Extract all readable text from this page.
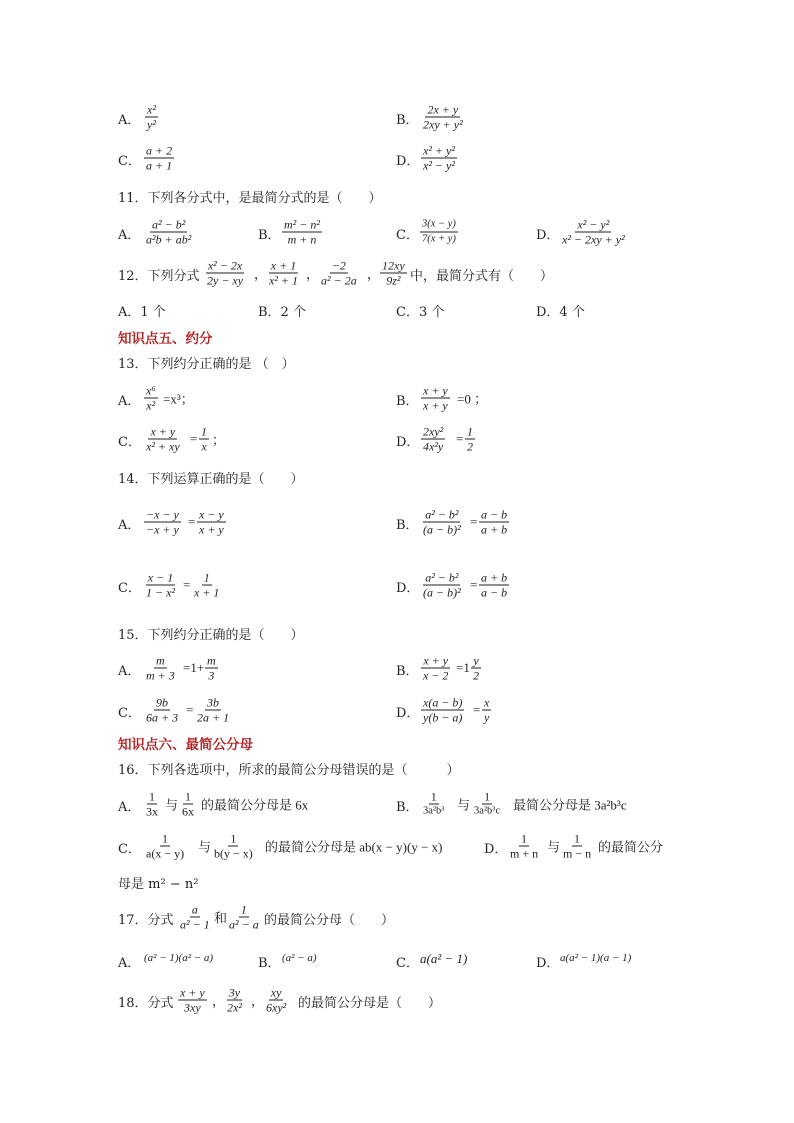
A． $\frac{\text{x²}}{\text{y²}}$	B． $\frac{2x + y}{\text{2xy + y²}}$
C． $\frac{a + 2}{a + 1}$	D． $\frac{\text{x² + y²}}{\text{x² − y²}}$
11．下列各分式中，是最简分式的是（　　）
A． $\frac{\text{a² − b²}}{\text{a²b + ab²}}$	B． $\frac{\text{m² − n²}}{m + n}$	C． $\frac{3(x - y)}{7(x + y)}$	D． $\frac{\text{x² − y²}}{\text{x² − 2xy + y²}}$
12．下列分式 $\frac{\text{x² − 2x}}{2y - xy}$ ， $\frac{x + 1}{\text{x² + 1}}$ ， $\frac{-2}{\text{a² − 2a}}$ ， $\frac{12xy}{\text{9z²}}$ 中，最简分式有（　　）
A．1 个	B．2 个	C．3 个	D．4 个
知识点五、约分
13．下列约分正确的是 （　）
A． $\frac{\text{x⁶}}{\text{x²}} =x^3$；	B． $\frac{x + y}{x + y} =0$ ；
C． $\frac{x + y}{\text{x² + xy}} = \frac{1}{x}$ ；	D． $\frac{\text{2xy²}}{\text{4x²y}} = \frac{1}{2}$
14．下列运算正确的是（　　）
A． $\frac{-x - y}{-x + y} = \frac{x - y}{x + y}$	B． $\frac{\text{a² − b²}}{\text{(a − b)²}} = \frac{a - b}{a + b}$
C． $\frac{x - 1}{\text{1 − x²}} = \frac{1}{x + 1}$	D． $\frac{\text{a² − b²}}{\text{(a − b)²}} = \frac{a + b}{a - b}$
15．下列约分正确的是（　　）
A． $\frac{m}{m + 3} =1+ \frac{m}{3}$	B． $\frac{x + y}{x - 2} =1 \frac{y}{2}$
C． $\frac{9b}{6a + 3} = \frac{3b}{2a + 1}$	D． $\frac{x(a - b)}{y(b - a)} = \frac{x}{y}$
知识点六、最简公分母
16．下列各选项中，所求的最简公分母错误的是（　　　）
A． $\frac{1}{3x}$ 与 $\frac{1}{6x}$ 的最简公分母是 6x	B． $\frac{1}{\text{3a²b³}}$ 与 $\frac{1}{\text{3a²b³c}}$ 最简公分母是 3a²b³c
C． $\frac{1}{a(x - y)}$ 与 $\frac{1}{b(y - x)}$ 的最简公分母是 ab(x − y)(y − x)	D． $\frac{1}{m + n}$ 与 $\frac{1}{m - n}$ 的最简公分
母是 m² − n²
17．分式 $\frac{a}{\text{a² − 1}}$ 和 $\frac{1}{\text{a² − a}}$ 的最简公分母（　　）
A． (a² − 1)(a² − a)	B． (a² − a)	C． a(a² − 1)	D． a(a² − 1)(a − 1)
18．分式 $\frac{x + y}{3xy}$ ， $\frac{3y}{\text{2x²}}$ ， $\frac{xy}{\text{6xy²}}$ 的最简公分母是（　　）
